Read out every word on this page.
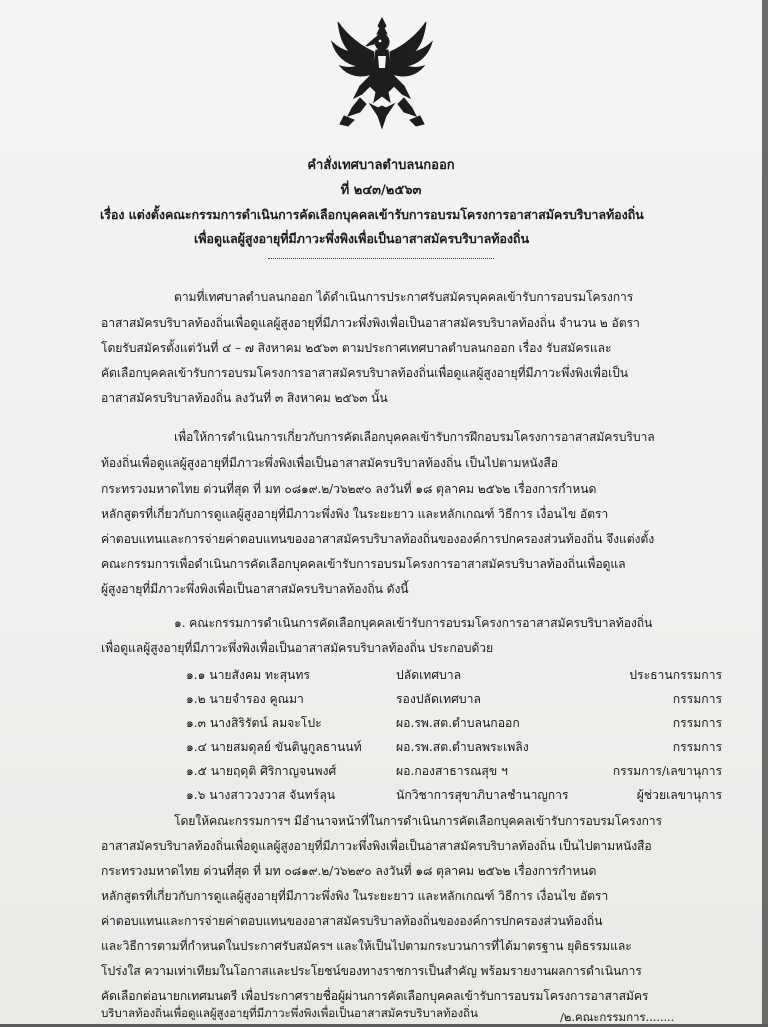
คำสั่งเทศบาลตำบลนกออก
ที่ ๒๔๓/๒๕๖๓
เรื่อง แต่งตั้งคณะกรรมการดำเนินการคัดเลือกบุคคลเข้ารับการอบรมโครงการอาสาสมัครบริบาลท้องถิ่น
เพื่อดูแลผู้สูงอายุที่มีภาวะพึ่งพิงเพื่อเป็นอาสาสมัครบริบาลท้องถิ่น
ตามที่เทศบาลตำบลนกออก ได้ดำเนินการประกาศรับสมัครบุคคลเข้ารับการอบรมโครงการ
อาสาสมัครบริบาลท้องถิ่นเพื่อดูแลผู้สูงอายุที่มีภาวะพึ่งพิงเพื่อเป็นอาสาสมัครบริบาลท้องถิ่น จำนวน ๒ อัตรา
โดยรับสมัครตั้งแต่วันที่ ๔ – ๗ สิงหาคม ๒๕๖๓ ตามประกาศเทศบาลตำบลนกออก เรื่อง รับสมัครและ
คัดเลือกบุคคลเข้ารับการอบรมโครงการอาสาสมัครบริบาลท้องถิ่นเพื่อดูแลผู้สูงอายุที่มีภาวะพึ่งพิงเพื่อเป็น
อาสาสมัครบริบาลท้องถิ่น ลงวันที่ ๓ สิงหาคม ๒๕๖๓ นั้น
เพื่อให้การดำเนินการเกี่ยวกับการคัดเลือกบุคคลเข้ารับการฝึกอบรมโครงการอาสาสมัครบริบาล
ท้องถิ่นเพื่อดูแลผู้สูงอายุที่มีภาวะพึ่งพิงเพื่อเป็นอาสาสมัครบริบาลท้องถิ่น เป็นไปตามหนังสือ
กระทรวงมหาดไทย ด่วนที่สุด ที่ มท ๐๘๑๙.๒/ว๖๒๙๐ ลงวันที่ ๑๘ ตุลาคม ๒๕๖๒ เรื่องการกำหนด
หลักสูตรที่เกี่ยวกับการดูแลผู้สูงอายุที่มีภาวะพึ่งพิง ในระยะยาว และหลักเกณฑ์ วิธีการ เงื่อนไข อัตรา
ค่าตอบแทนและการจ่ายค่าตอบแทนของอาสาสมัครบริบาลท้องถิ่นขององค์การปกครองส่วนท้องถิ่น จึงแต่งตั้ง
คณะกรรมการเพื่อดำเนินการคัดเลือกบุคคลเข้ารับการอบรมโครงการอาสาสมัครบริบาลท้องถิ่นเพื่อดูแล
ผู้สูงอายุที่มีภาวะพึ่งพิงเพื่อเป็นอาสาสมัครบริบาลท้องถิ่น ดังนี้
๑. คณะกรรมการดำเนินการคัดเลือกบุคคลเข้ารับการอบรมโครงการอาสาสมัครบริบาลท้องถิ่น
เพื่อดูแลผู้สูงอายุที่มีภาวะพึ่งพิงเพื่อเป็นอาสาสมัครบริบาลท้องถิ่น ประกอบด้วย
๑.๑ นายสังคม ทะสุนทร	ปลัดเทศบาล	ประธานกรรมการ
๑.๒ นายจำรอง คูณมา	รองปลัดเทศบาล	กรรมการ
๑.๓ นางสิริรัตน์ ลมจะโปะ	ผอ.รพ.สต.ตำบลนกออก	กรรมการ
๑.๔ นายสมดุลย์ ขันตินูกูลธานนท์	ผอ.รพ.สต.ตำบลพระเพลิง	กรรมการ
๑.๕ นายฤดุติ ศิริกาญจนพงศ์	ผอ.กองสาธารณสุข ฯ	กรรมการ/เลขานุการ
๑.๖ นางสาววงวาส จันทร์ลุน	นักวิชาการสุขาภิบาลชำนาญการ	ผู้ช่วยเลขานุการ
โดยให้คณะกรรมการฯ มีอำนาจหน้าที่ในการดำเนินการคัดเลือกบุคคลเข้ารับการอบรมโครงการ
อาสาสมัครบริบาลท้องถิ่นเพื่อดูแลผู้สูงอายุที่มีภาวะพึ่งพิงเพื่อเป็นอาสาสมัครบริบาลท้องถิ่น เป็นไปตามหนังสือ
กระทรวงมหาดไทย ด่วนที่สุด ที่ มท ๐๘๑๙.๒/ว๖๒๙๐ ลงวันที่ ๑๘ ตุลาคม ๒๕๖๒ เรื่องการกำหนด
หลักสูตรที่เกี่ยวกับการดูแลผู้สูงอายุที่มีภาวะพึ่งพิง ในระยะยาว และหลักเกณฑ์ วิธีการ เงื่อนไข อัตรา
ค่าตอบแทนและการจ่ายค่าตอบแทนของอาสาสมัครบริบาลท้องถิ่นขององค์การปกครองส่วนท้องถิ่น
และวิธีการตามที่กำหนดในประกาศรับสมัครฯ และให้เป็นไปตามกระบวนการที่ได้มาตรฐาน ยุติธรรมและ
โปร่งใส ความเท่าเทียมในโอกาสและประโยชน์ของทางราชการเป็นสำคัญ พร้อมรายงานผลการดำเนินการ
คัดเลือกต่อนายกเทศมนตรี เพื่อประกาศรายชื่อผู้ผ่านการคัดเลือกบุคคลเข้ารับการอบรมโครงการอาสาสมัคร
บริบาลท้องถิ่นเพื่อดูแลผู้สูงอายุที่มีภาวะพึ่งพิงเพื่อเป็นอาสาสมัครบริบาลท้องถิ่น	/๒.คณะกรรมการ........
